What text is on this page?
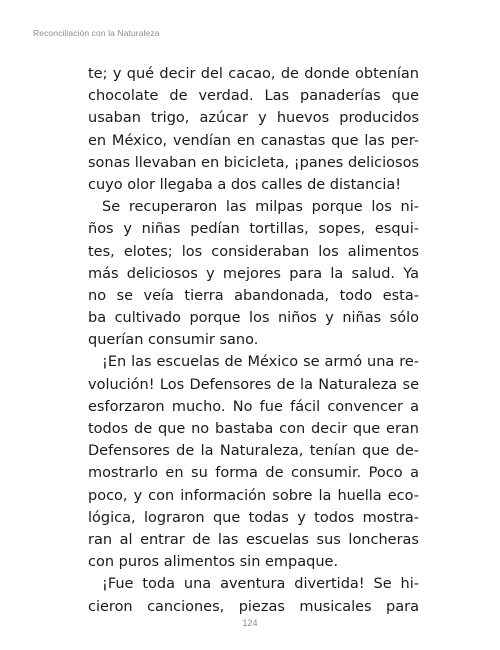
Reconciliación con la Naturaleza
te; y qué decir del cacao, de donde obtenían
chocolate de verdad. Las panaderías que
usaban trigo, azúcar y huevos producidos
en México, vendían en canastas que las per-
sonas llevaban en bicicleta, ¡panes deliciosos
cuyo olor llegaba a dos calles de distancia!
Se recuperaron las milpas porque los ni-
ños y niñas pedían tortillas, sopes, esqui-
tes, elotes; los consideraban los alimentos
más deliciosos y mejores para la salud. Ya
no se veía tierra abandonada, todo esta-
ba cultivado porque los niños y niñas sólo
querían consumir sano.
¡En las escuelas de México se armó una re-
volución! Los Defensores de la Naturaleza se
esforzaron mucho. No fue fácil convencer a
todos de que no bastaba con decir que eran
Defensores de la Naturaleza, tenían que de-
mostrarlo en su forma de consumir. Poco a
poco, y con información sobre la huella eco-
lógica, lograron que todas y todos mostra-
ran al entrar de las escuelas sus loncheras
con puros alimentos sin empaque.
¡Fue toda una aventura divertida! Se hi-
cieron canciones, piezas musicales para
124
